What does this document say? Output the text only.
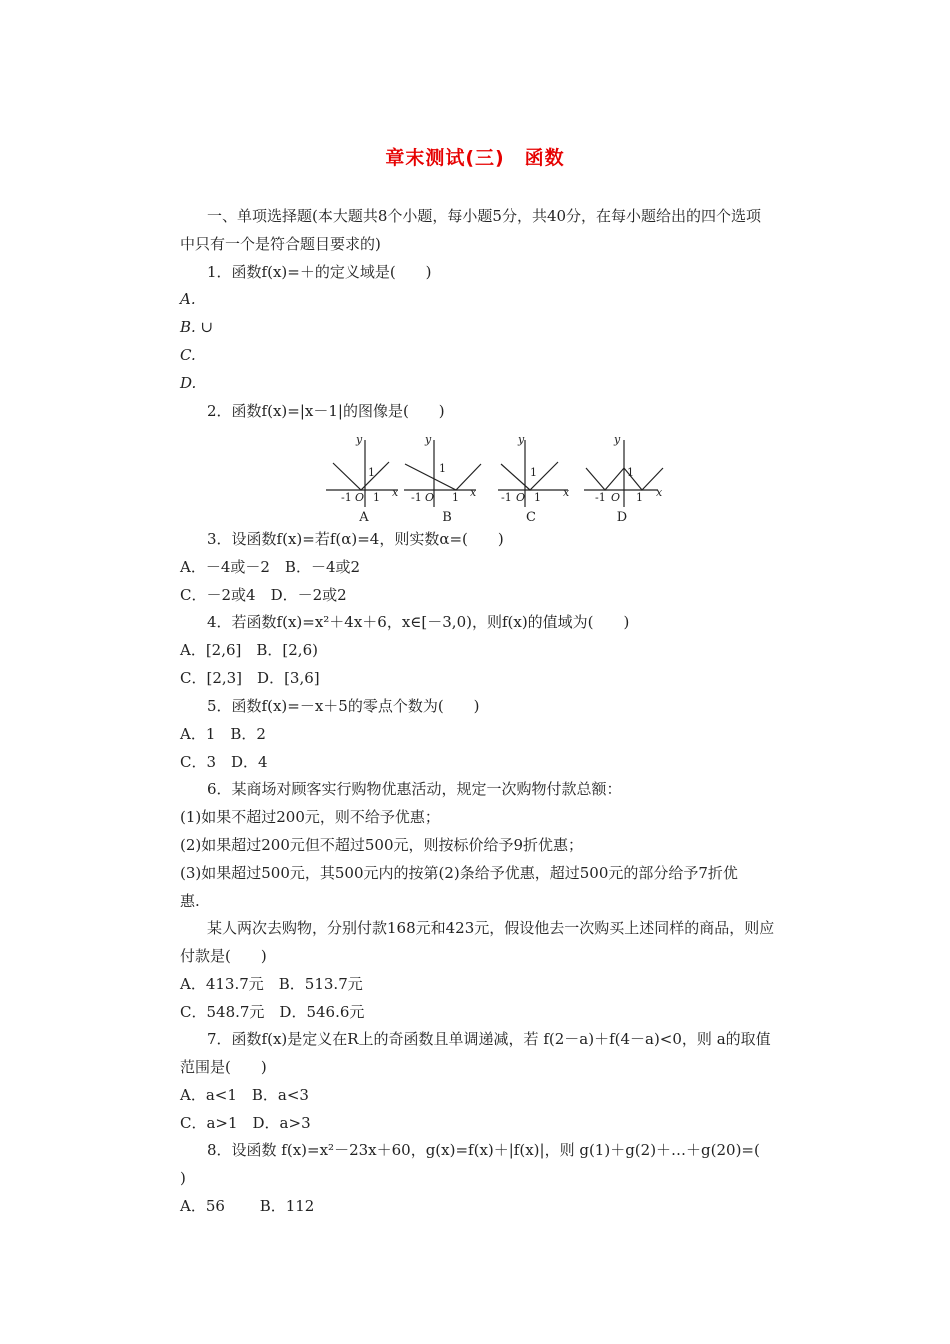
章末测试(三)　函数
一、单项选择题(本大题共8个小题，每小题5分，共40分，在每小题给出的四个选项
中只有一个是符合题目要求的)
1．函数f(x)=＋的定义域是(　　)
A.
B. ∪
C.
D.
2．函数f(x)=|x－1|的图像是(　　)
y
x
-1 O 1
1
y
x
-1 O 1
1
y
x
-1 O 1
1
y
x
-1 O 1
1
A	B	C	D
3．设函数f(x)=若f(α)=4，则实数α=(　　)
A．－4或－2　B．－4或2
C．－2或4　D．－2或2
4．若函数f(x)=x²＋4x＋6，x∈[－3,0)，则f(x)的值域为(　　)
A．[2,6]　B．[2,6)
C．[2,3]　D．[3,6]
5．函数f(x)=－x＋5的零点个数为(　　)
A．1　B．2
C．3　D．4
6．某商场对顾客实行购物优惠活动，规定一次购物付款总额：
(1)如果不超过200元，则不给予优惠；
(2)如果超过200元但不超过500元，则按标价给予9折优惠；
(3)如果超过500元，其500元内的按第(2)条给予优惠，超过500元的部分给予7折优
惠.
某人两次去购物，分别付款168元和423元，假设他去一次购买上述同样的商品，则应
付款是(　　)
A．413.7元　B．513.7元
C．548.7元　D．546.6元
7．函数f(x)是定义在R上的奇函数且单调递减，若 f(2－a)＋f(4－a)<0，则 a的取值
范围是(　　)
A．a<1　B．a<3
C．a>1　D．a>3
8．设函数 f(x)=x²－23x＋60，g(x)=f(x)＋|f(x)|，则 g(1)＋g(2)＋…＋g(20)=(
)
A．56　　 B．112
